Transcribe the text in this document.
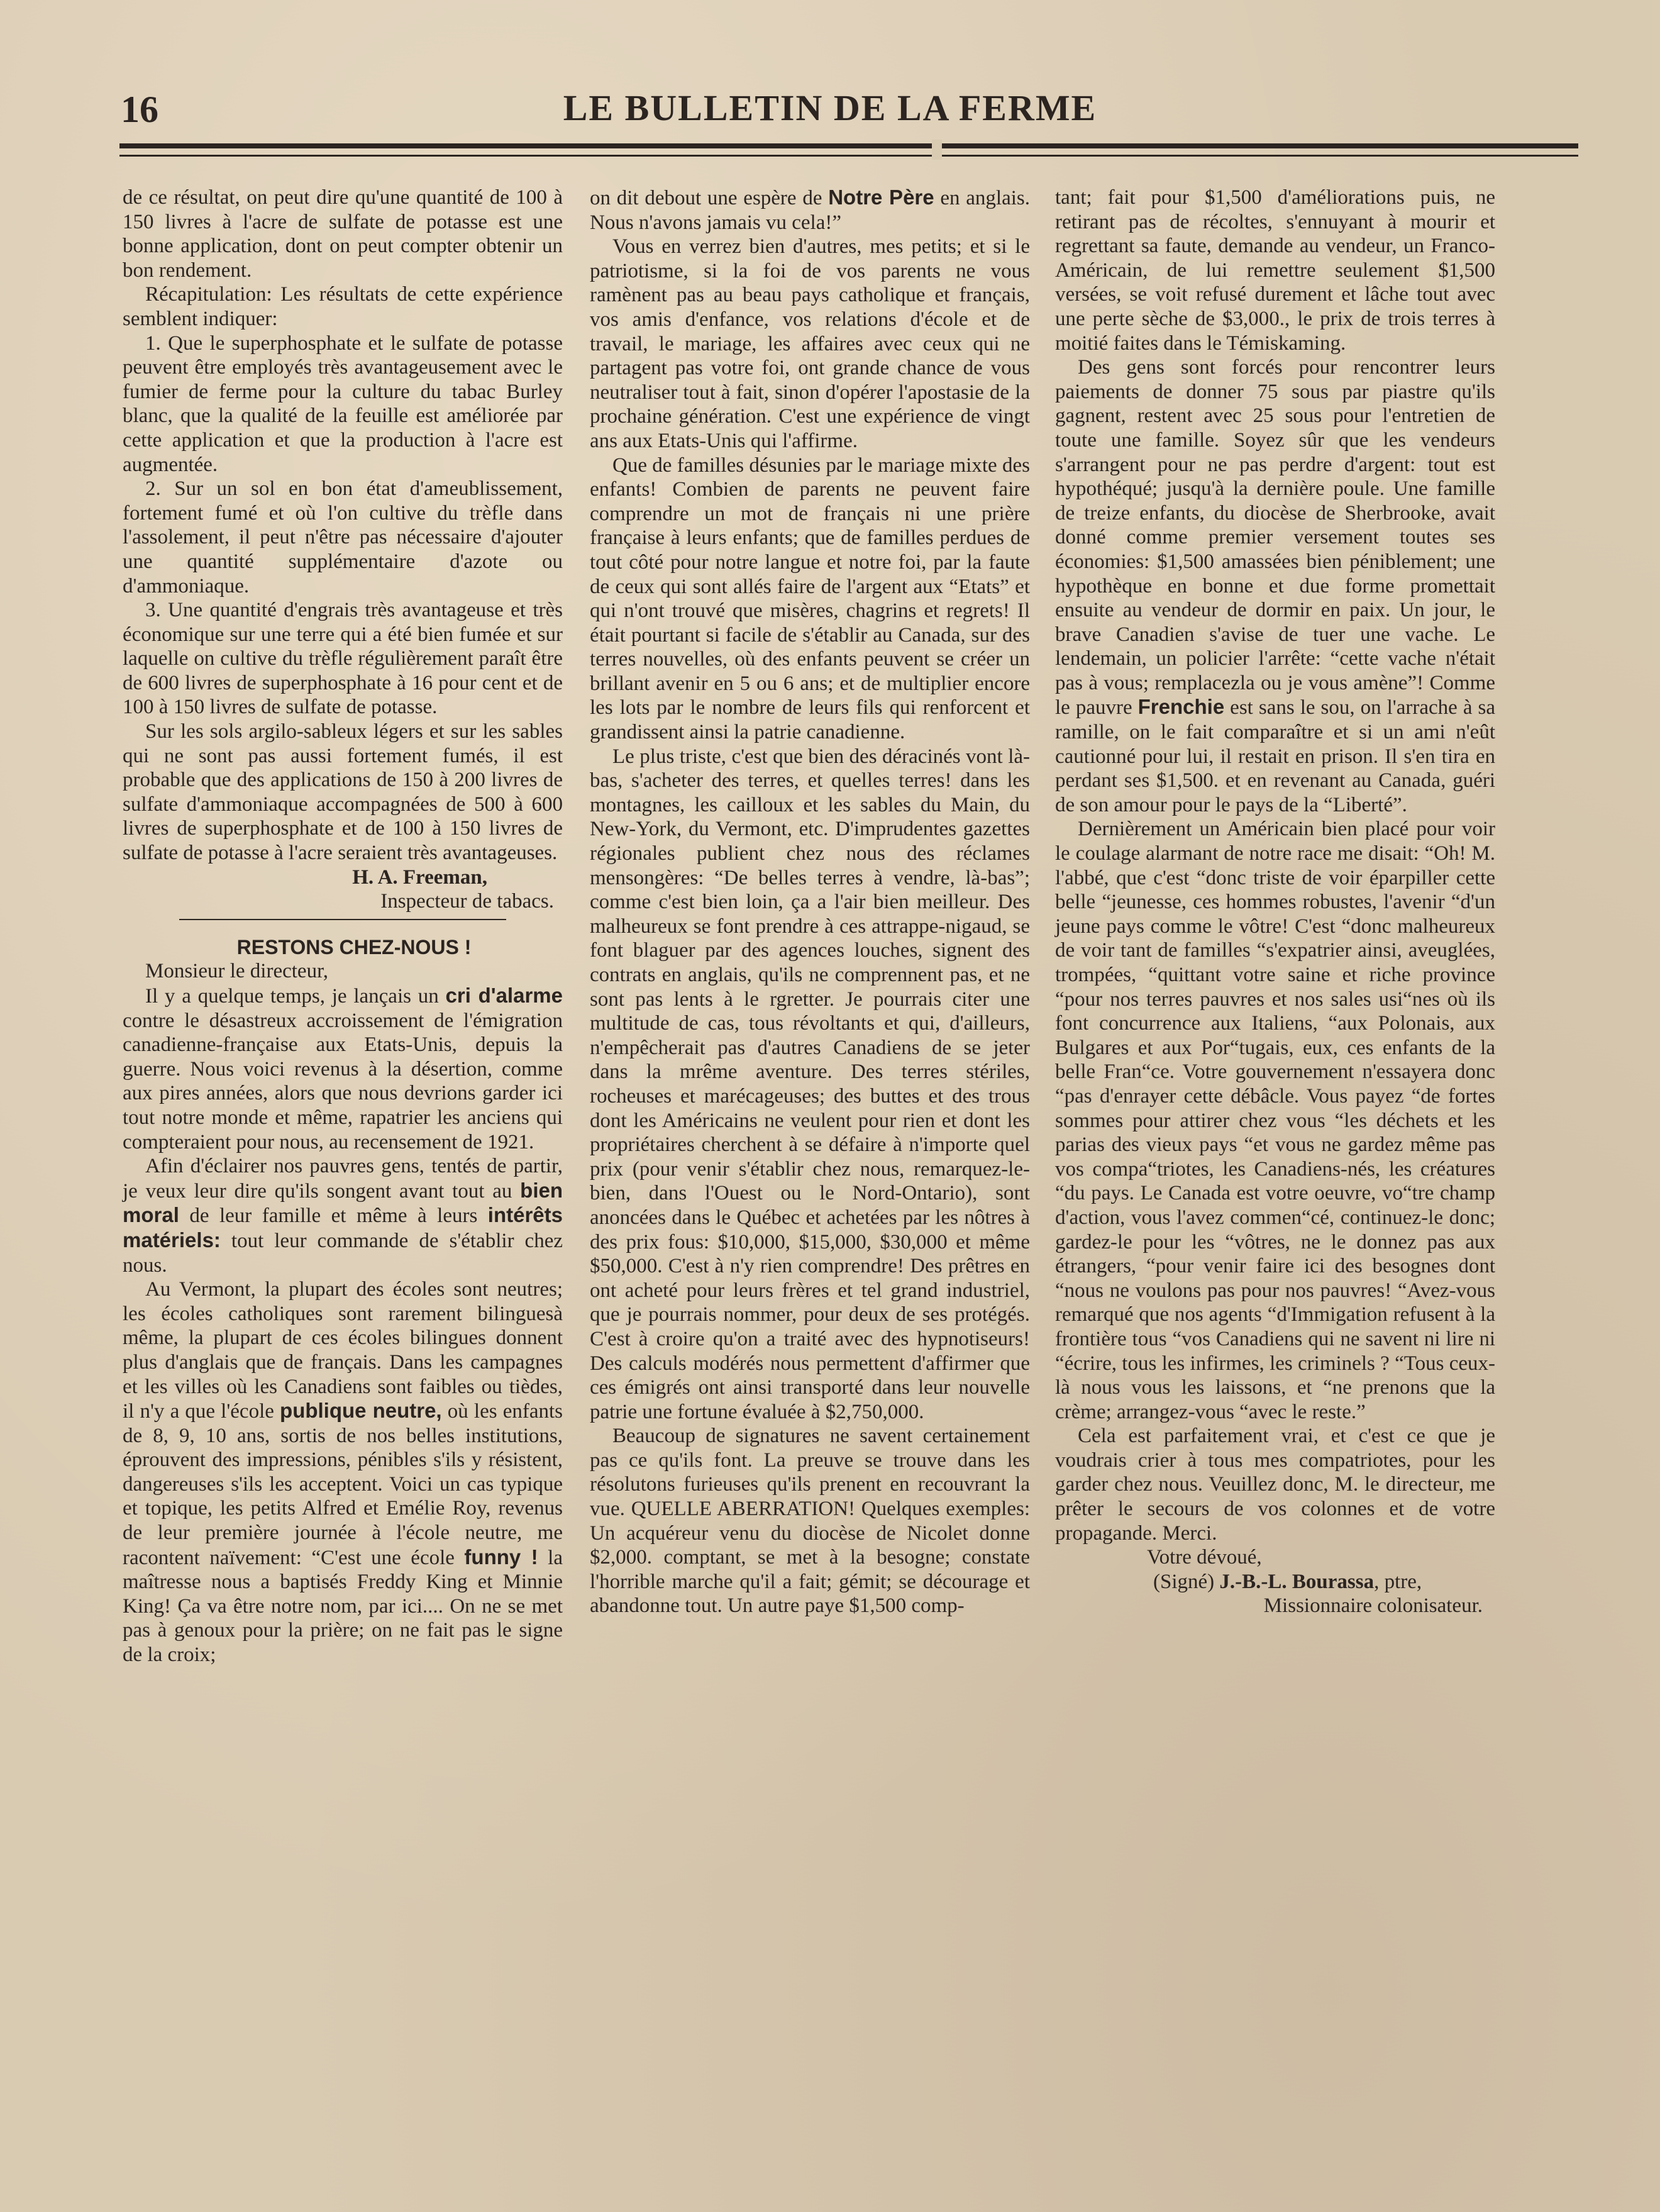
16	LE BULLETIN DE LA FERME

de ce résultat, on peut dire qu'une quantité de 100 à 150 livres à l'acre de sulfate de potasse est une bonne application, dont on peut compter obtenir un bon rendement.

Récapitulation: Les résultats de cette expérience semblent indiquer:

1. Que le superphosphate et le sulfate de potasse peuvent être employés très avantageusement avec le fumier de ferme pour la culture du tabac Burley blanc, que la qualité de la feuille est améliorée par cette application et que la production à l'acre est augmentée.

2. Sur un sol en bon état d'ameublissement, fortement fumé et où l'on cultive du trèfle dans l'assolement, il peut n'être pas nécessaire d'ajouter une quantité supplémentaire d'azote ou d'ammoniaque.

3. Une quantité d'engrais très avantageuse et très économique sur une terre qui a été bien fumée et sur laquelle on cultive du trèfle régulièrement paraît être de 600 livres de superphosphate à 16 pour cent et de 100 à 150 livres de sulfate de potasse.

Sur les sols argilo-sableux légers et sur les sables qui ne sont pas aussi fortement fumés, il est probable que des applications de 150 à 200 livres de sulfate d'ammoniaque accompagnées de 500 à 600 livres de superphosphate et de 100 à 150 livres de sulfate de potasse à l'acre seraient très avantageuses.

H. A. Freeman,

Inspecteur de tabacs.

RESTONS CHEZ-NOUS !

Monsieur le directeur,

Il y a quelque temps, je lançais un cri d'alarme contre le désastreux accroissement de l'émigration canadienne-française aux Etats-Unis, depuis la guerre. Nous voici revenus à la désertion, comme aux pires années, alors que nous devrions garder ici tout notre monde et même, rapatrier les anciens qui compteraient pour nous, au recensement de 1921.

Afin d'éclairer nos pauvres gens, tentés de partir, je veux leur dire qu'ils songent avant tout au bien moral de leur famille et même à leurs intérêts matériels: tout leur commande de s'établir chez nous.

Au Vermont, la plupart des écoles sont neutres; les écoles catholiques sont rarement bilinguesà même, la plupart de ces écoles bilingues donnent plus d'anglais que de français. Dans les campagnes et les villes où les Canadiens sont faibles ou tièdes, il n'y a que l'école publique neutre, où les enfants de 8, 9, 10 ans, sortis de nos belles institutions, éprouvent des impressions, pénibles s'ils y résistent, dangereuses s'ils les acceptent. Voici un cas typique et topique, les petits Alfred et Emélie Roy, revenus de leur première journée à l'école neutre, me racontent naïvement: “C'est une école funny ! la maîtresse nous a baptisés Freddy King et Minnie King! Ça va être notre nom, par ici.... On ne se met pas à genoux pour la prière; on ne fait pas le signe de la croix;

on dit debout une espère de Notre Père en anglais. Nous n'avons jamais vu cela!”

Vous en verrez bien d'autres, mes petits; et si le patriotisme, si la foi de vos parents ne vous ramènent pas au beau pays catholique et français, vos amis d'enfance, vos relations d'école et de travail, le mariage, les affaires avec ceux qui ne partagent pas votre foi, ont grande chance de vous neutraliser tout à fait, sinon d'opérer l'apostasie de la prochaine génération. C'est une expérience de vingt ans aux Etats-Unis qui l'affirme.

Que de familles désunies par le mariage mixte des enfants! Combien de parents ne peuvent faire comprendre un mot de français ni une prière française à leurs enfants; que de familles perdues de tout côté pour notre langue et notre foi, par la faute de ceux qui sont allés faire de l'argent aux “Etats” et qui n'ont trouvé que misères, chagrins et regrets! Il était pourtant si facile de s'établir au Canada, sur des terres nouvelles, où des enfants peuvent se créer un brillant avenir en 5 ou 6 ans; et de multiplier encore les lots par le nombre de leurs fils qui renforcent et grandissent ainsi la patrie canadienne.

Le plus triste, c'est que bien des déracinés vont là-bas, s'acheter des terres, et quelles terres! dans les montagnes, les cailloux et les sables du Main, du New-York, du Vermont, etc. D'imprudentes gazettes régionales publient chez nous des réclames mensongères: “De belles terres à vendre, là-bas”; comme c'est bien loin, ça a l'air bien meilleur. Des malheureux se font prendre à ces attrappe-nigaud, se font blaguer par des agences louches, signent des contrats en anglais, qu'ils ne comprennent pas, et ne sont pas lents à le rgretter. Je pourrais citer une multitude de cas, tous révoltants et qui, d'ailleurs, n'empêcherait pas d'autres Canadiens de se jeter dans la mrême aventure. Des terres stériles, rocheuses et marécageuses; des buttes et des trous dont les Américains ne veulent pour rien et dont les propriétaires cherchent à se défaire à n'importe quel prix (pour venir s'établir chez nous, remarquez-le-bien, dans l'Ouest ou le Nord-Ontario), sont anoncées dans le Québec et achetées par les nôtres à des prix fous: $10,000, $15,000, $30,000 et même $50,000. C'est à n'y rien comprendre! Des prêtres en ont acheté pour leurs frères et tel grand industriel, que je pourrais nommer, pour deux de ses protégés. C'est à croire qu'on a traité avec des hypnotiseurs! Des calculs modérés nous permettent d'affirmer que ces émigrés ont ainsi transporté dans leur nouvelle patrie une fortune évaluée à $2,750,000.

Beaucoup de signatures ne savent certainement pas ce qu'ils font. La preuve se trouve dans les résolutons furieuses qu'ils prenent en recouvrant la vue. QUELLE ABERRATION! Quelques exemples: Un acquéreur venu du diocèse de Nicolet donne $2,000. comptant, se met à la besogne; constate l'horrible marche qu'il a fait; gémit; se décourage et abandonne tout. Un autre paye $1,500 comp-

tant; fait pour $1,500 d'améliorations puis, ne retirant pas de récoltes, s'ennuyant à mourir et regrettant sa faute, demande au vendeur, un Franco-Américain, de lui remettre seulement $1,500 versées, se voit refusé durement et lâche tout avec une perte sèche de $3,000., le prix de trois terres à moitié faites dans le Témiskaming.

Des gens sont forcés pour rencontrer leurs paiements de donner 75 sous par piastre qu'ils gagnent, restent avec 25 sous pour l'entretien de toute une famille. Soyez sûr que les vendeurs s'arrangent pour ne pas perdre d'argent: tout est hypothéqué; jusqu'à la dernière poule. Une famille de treize enfants, du diocèse de Sherbrooke, avait donné comme premier versement toutes ses économies: $1,500 amassées bien péniblement; une hypothèque en bonne et due forme promettait ensuite au vendeur de dormir en paix. Un jour, le brave Canadien s'avise de tuer une vache. Le lendemain, un policier l'arrête: “cette vache n'était pas à vous; remplacezla ou je vous amène”! Comme le pauvre Frenchie est sans le sou, on l'arrache à sa ramille, on le fait comparaître et si un ami n'eût cautionné pour lui, il restait en prison. Il s'en tira en perdant ses $1,500. et en revenant au Canada, guéri de son amour pour le pays de la “Liberté”.

Dernièrement un Américain bien placé pour voir le coulage alarmant de notre race me disait: “Oh! M. l'abbé, que c'est “donc triste de voir éparpiller cette belle “jeunesse, ces hommes robustes, l'avenir “d'un jeune pays comme le vôtre! C'est “donc malheureux de voir tant de familles “s'expatrier ainsi, aveuglées, trompées, “quittant votre saine et riche province “pour nos terres pauvres et nos sales usi“nes où ils font concurrence aux Italiens, “aux Polonais, aux Bulgares et aux Por“tugais, eux, ces enfants de la belle Fran“ce. Votre gouvernement n'essayera donc “pas d'enrayer cette débâcle. Vous payez “de fortes sommes pour attirer chez vous “les déchets et les parias des vieux pays “et vous ne gardez même pas vos compa“triotes, les Canadiens-nés, les créatures “du pays. Le Canada est votre oeuvre, vo“tre champ d'action, vous l'avez commen“cé, continuez-le donc; gardez-le pour les “vôtres, ne le donnez pas aux étrangers, “pour venir faire ici des besognes dont “nous ne voulons pas pour nos pauvres! “Avez-vous remarqué que nos agents “d'Immigation refusent à la frontière tous “vos Canadiens qui ne savent ni lire ni “écrire, tous les infirmes, les criminels ? “Tous ceux-là nous vous les laissons, et “ne prenons que la crème; arrangez-vous “avec le reste.”

Cela est parfaitement vrai, et c'est ce que je voudrais crier à tous mes compatriotes, pour les garder chez nous. Veuillez donc, M. le directeur, me prêter le secours de vos colonnes et de votre propagande. Merci.

Votre dévoué,

(Signé) J.-B.-L. Bourassa, ptre,

Missionnaire colonisateur.
